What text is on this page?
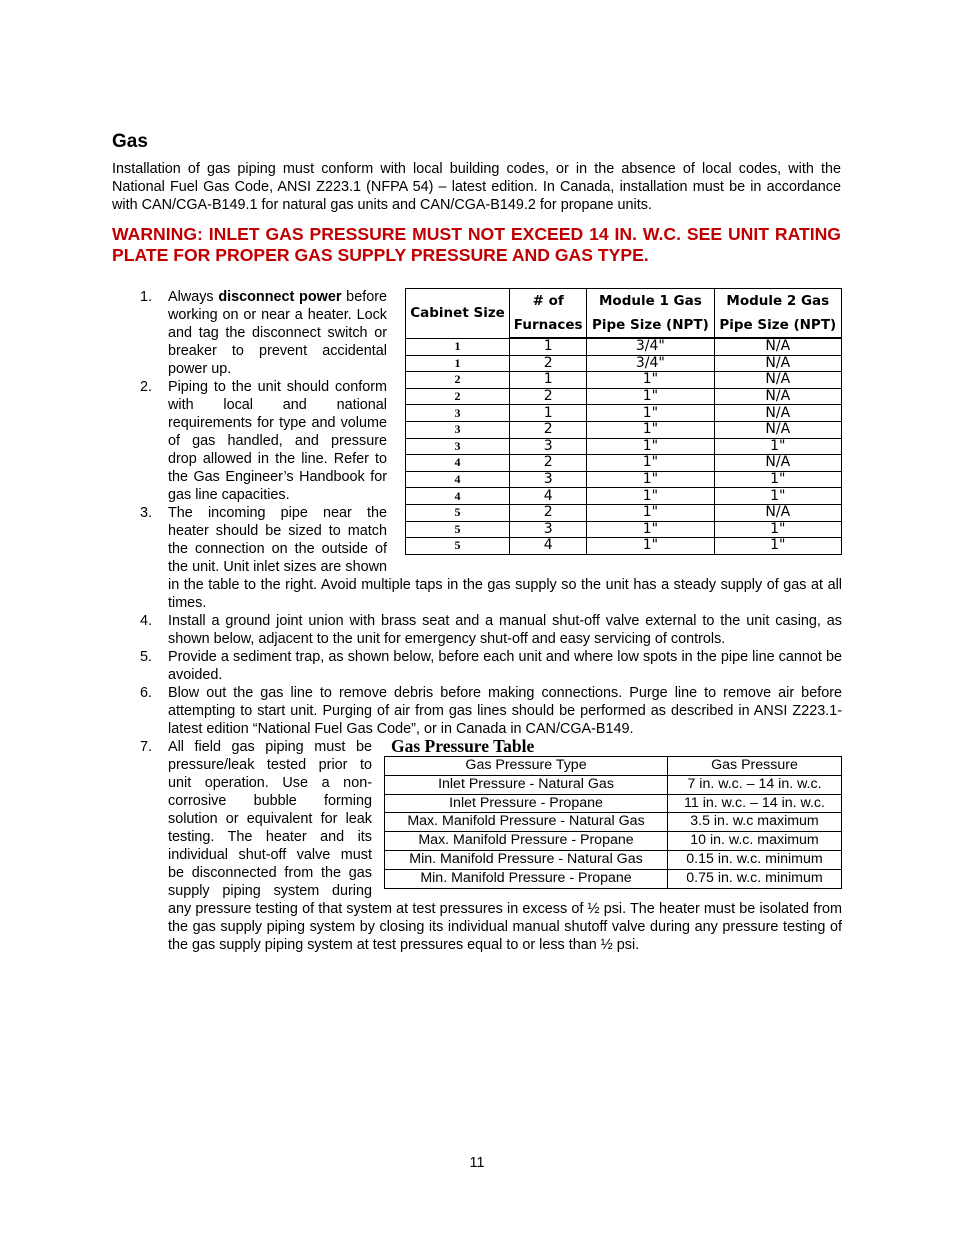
Gas

Installation of gas piping must conform with local building codes, or in the absence of local codes, with the National Fuel Gas Code, ANSI Z223.1 (NFPA 54) – latest edition. In Canada, installation must be in accordance with CAN/CGA-B149.1 for natural gas units and CAN/CGA-B149.2 for propane units.

WARNING: INLET GAS PRESSURE MUST NOT EXCEED 14 IN. W.C. SEE UNIT RATING PLATE FOR PROPER GAS SUPPLY PRESSURE AND GAS TYPE.

Cabinet Size	# of	Module 1 Gas	Module 2 Gas
	Furnaces	Pipe Size (NPT)	Pipe Size (NPT)
1	1	3/4"	N/A
1	2	3/4"	N/A
2	1	1"	N/A
2	2	1"	N/A
3	1	1"	N/A
3	2	1"	N/A
3	3	1"	1"
4	2	1"	N/A
4	3	1"	1"
4	4	1"	1"
5	2	1"	N/A
5	3	1"	1"
5	4	1"	1"
1. Always disconnect power before working on or near a heater. Lock and tag the disconnect switch or breaker to prevent accidental power up.

2. Piping to the unit should conform with local and national requirements for type and volume of gas handled, and pressure drop allowed in the line. Refer to the Gas Engineer’s Handbook for gas line capacities.

3. The incoming pipe near the heater should be sized to match the connection on the outside of the unit. Unit inlet sizes are shown in the table to the right. Avoid multiple taps in the gas supply so the unit has a steady supply of gas at all times.

4. Install a ground joint union with brass seat and a manual shut-off valve external to the unit casing, as shown below, adjacent to the unit for emergency shut-off and easy servicing of controls.

5. Provide a sediment trap, as shown below, before each unit and where low spots in the pipe line cannot be avoided.

6. Blow out the gas line to remove debris before making connections. Purge line to remove air before attempting to start unit. Purging of air from gas lines should be performed as described in ANSI Z223.1-latest edition “National Fuel Gas Code”, or in Canada in CAN/CGA-B149.

Gas Pressure Table

Gas Pressure Type	Gas Pressure
Inlet Pressure - Natural Gas	7 in. w.c. – 14 in. w.c.
Inlet Pressure - Propane	11 in. w.c. – 14 in. w.c.
Max. Manifold Pressure - Natural Gas	3.5 in. w.c maximum
Max. Manifold Pressure - Propane	10 in. w.c. maximum
Min. Manifold Pressure - Natural Gas	0.15 in. w.c. minimum
Min. Manifold Pressure - Propane	0.75 in. w.c. minimum
7. All field gas piping must be pressure/leak tested prior to unit operation. Use a non-corrosive bubble forming solution or equivalent for leak testing. The heater and its individual shut-off valve must be disconnected from the gas supply piping system during any pressure testing of that system at test pressures in excess of ½ psi. The heater must be isolated from the gas supply piping system by closing its individual manual shutoff valve during any pressure testing of the gas supply piping system at test pressures equal to or less than ½ psi.

11
